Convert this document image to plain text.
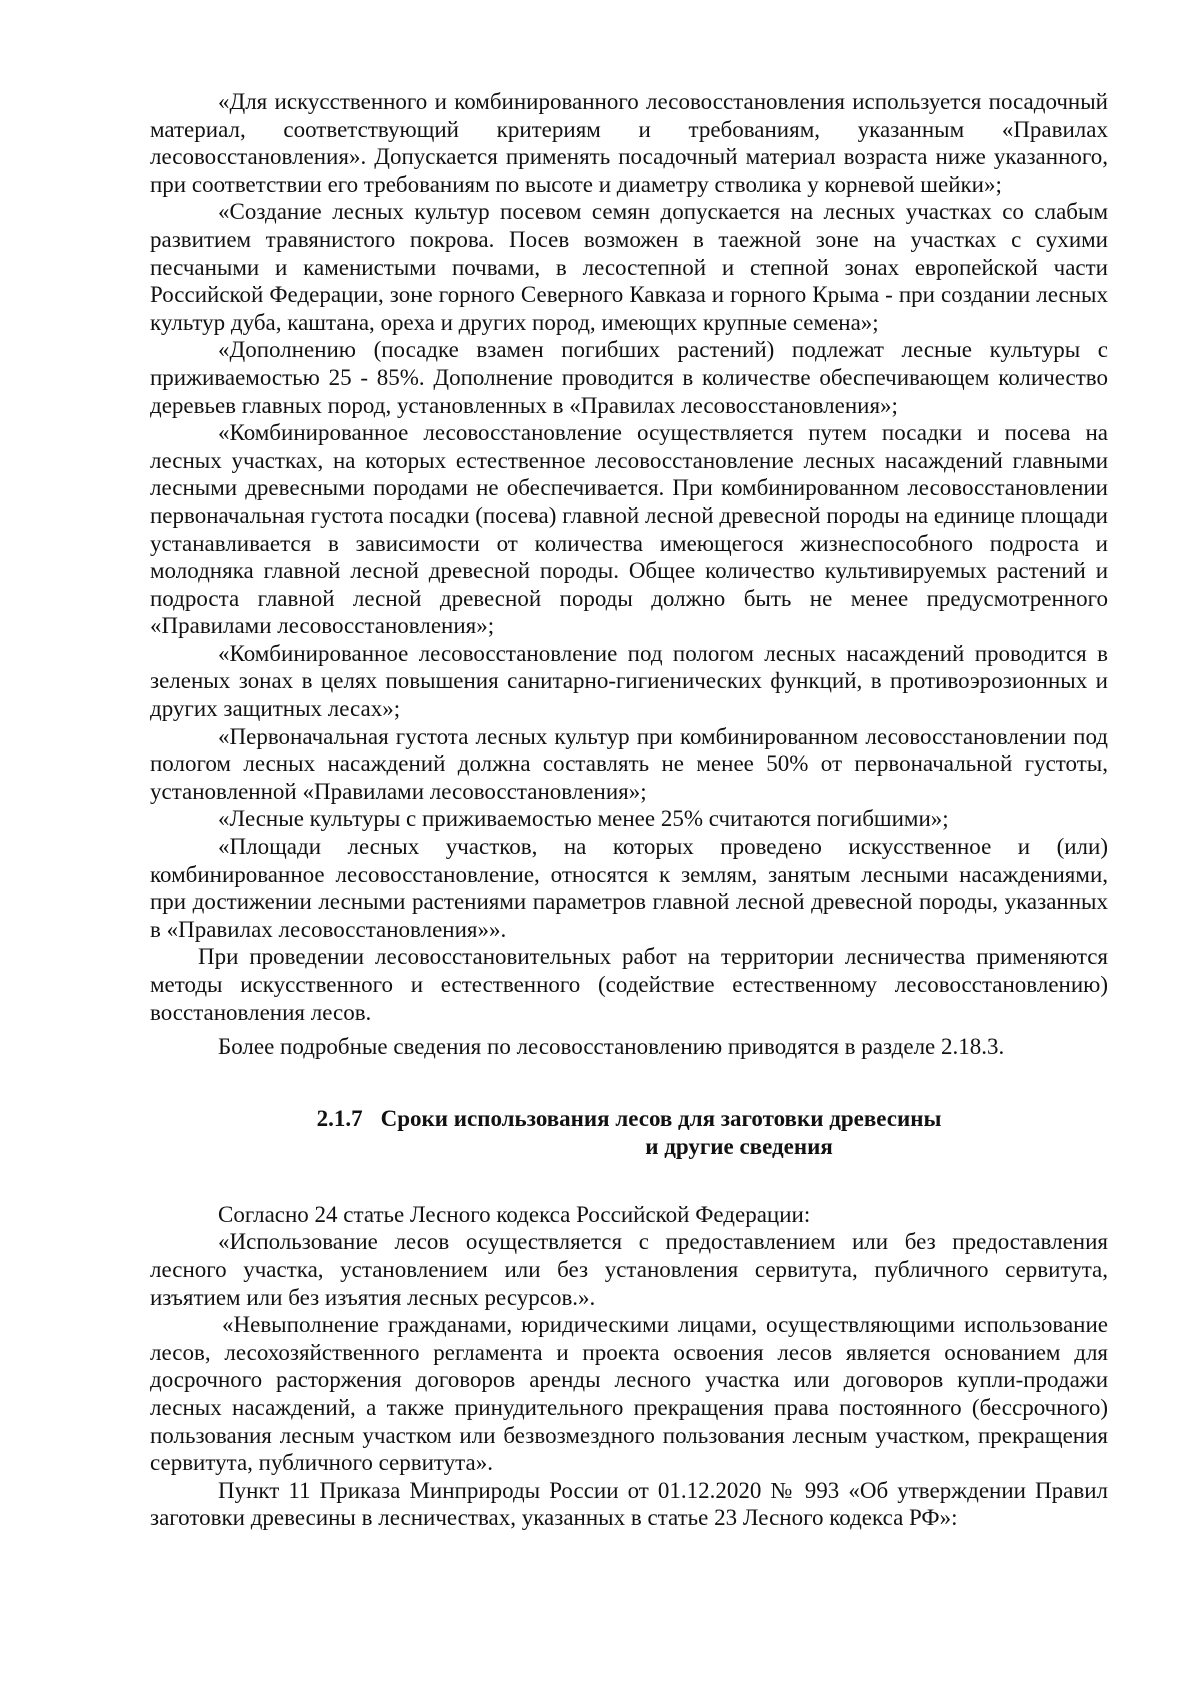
«Для искусственного и комбинированного лесовосстановления используется посадочный материал, соответствующий критериям и требованиям, указанным «Правилах лесовосстановления». Допускается применять посадочный материал возраста ниже указанного, при соответствии его требованиям по высоте и диаметру стволика у корневой шейки»;

«Создание лесных культур посевом семян допускается на лесных участках со слабым развитием травянистого покрова. Посев возможен в таежной зоне на участках с сухими песчаными и каменистыми почвами, в лесостепной и степной зонах европейской части Российской Федерации, зоне горного Северного Кавказа и горного Крыма - при создании лесных культур дуба, каштана, ореха и других пород, имеющих крупные семена»;

«Дополнению (посадке взамен погибших растений) подлежат лесные культуры с приживаемостью 25 - 85%. Дополнение проводится в количестве обеспечивающем количество деревьев главных пород, установленных в «Правилах лесовосстановления»;

«Комбинированное лесовосстановление осуществляется путем посадки и посева на лесных участках, на которых естественное лесовосстановление лесных насаждений главными лесными древесными породами не обеспечивается. При комбинированном лесовосстановлении первоначальная густота посадки (посева) главной лесной древесной породы на единице площади устанавливается в зависимости от количества имеющегося жизнеспособного подроста и молодняка главной лесной древесной породы. Общее количество культивируемых растений и подроста главной лесной древесной породы должно быть не менее предусмотренного «Правилами лесовосстановления»;

«Комбинированное лесовосстановление под пологом лесных насаждений проводится в зеленых зонах в целях повышения санитарно-гигиенических функций, в противоэрозионных и других защитных лесах»;

«Первоначальная густота лесных культур при комбинированном лесовосстановлении под пологом лесных насаждений должна составлять не менее 50% от первоначальной густоты, установленной «Правилами лесовосстановления»;

«Лесные культуры с приживаемостью менее 25% считаются погибшими»;

«Площади лесных участков, на которых проведено искусственное и (или) комбинированное лесовосстановление, относятся к землям, занятым лесными насаждениями, при достижении лесными растениями параметров главной лесной древесной породы, указанных в «Правилах лесовосстановления»».

При проведении лесовосстановительных работ на территории лесничества применяются методы искусственного и естественного (содействие естественному лесовосстановлению) восстановления лесов.

Более подробные сведения по лесовосстановлению приводятся в разделе 2.18.3.

2.1.7 Сроки использования лесов для заготовки древесины
и другие сведения

Согласно 24 статье Лесного кодекса Российской Федерации:

«Использование лесов осуществляется с предоставлением или без предоставления лесного участка, установлением или без установления сервитута, публичного сервитута, изъятием или без изъятия лесных ресурсов.».

«Невыполнение гражданами, юридическими лицами, осуществляющими использование лесов, лесохозяйственного регламента и проекта освоения лесов является основанием для досрочного расторжения договоров аренды лесного участка или договоров купли-продажи лесных насаждений, а также принудительного прекращения права постоянного (бессрочного) пользования лесным участком или безвозмездного пользования лесным участком, прекращения сервитута, публичного сервитута».

Пункт 11 Приказа Минприроды России от 01.12.2020 № 993 «Об утверждении Правил заготовки древесины в лесничествах, указанных в статье 23 Лесного кодекса РФ»:
